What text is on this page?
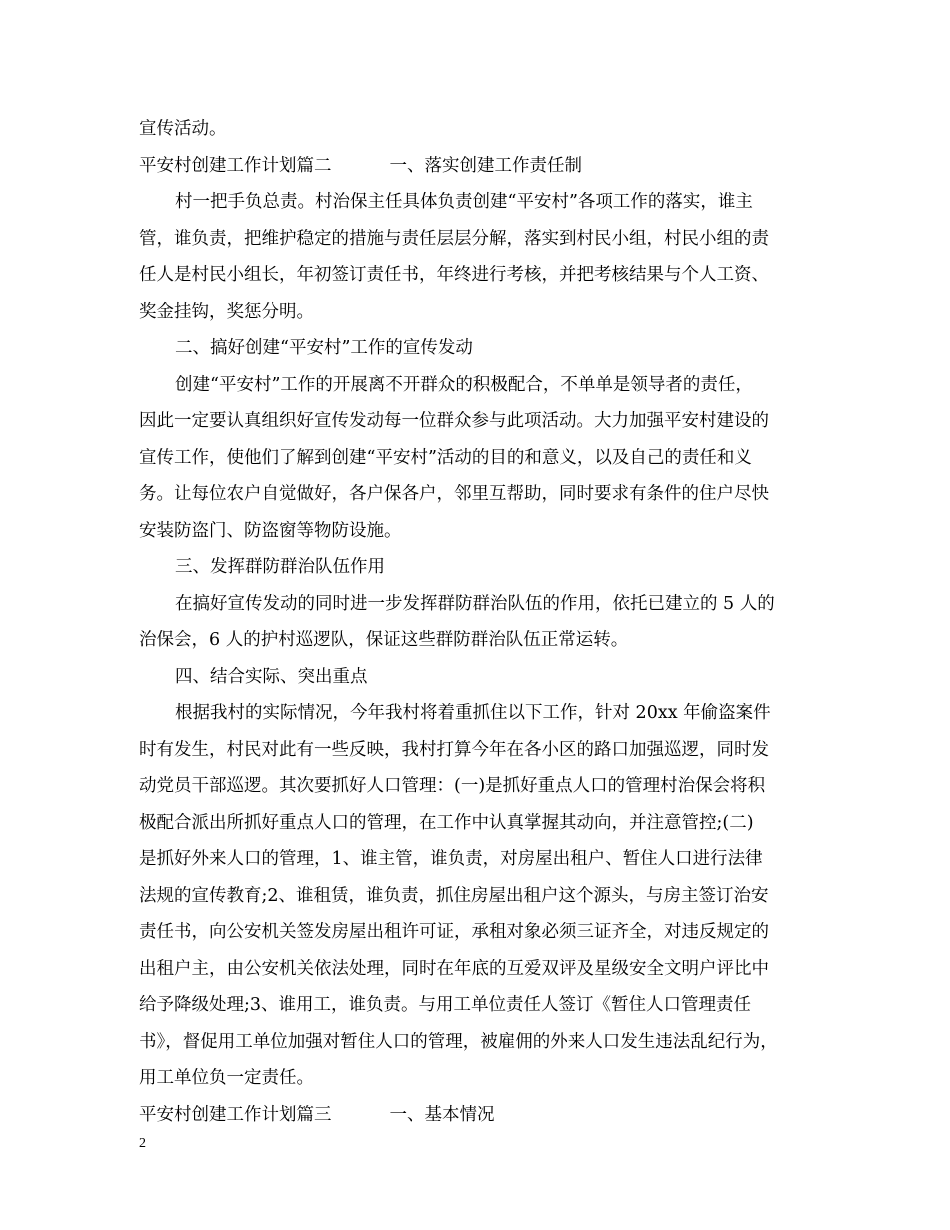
宣传活动。
平安村创建工作计划篇二	一、落实创建工作责任制
村一把手负总责。村治保主任具体负责创建“平安村”各项工作的落实，谁主
管，谁负责，把维护稳定的措施与责任层层分解，落实到村民小组，村民小组的责
任人是村民小组长，年初签订责任书，年终进行考核，并把考核结果与个人工资、
奖金挂钩，奖惩分明。
二、搞好创建“平安村”工作的宣传发动
创建“平安村”工作的开展离不开群众的积极配合，不单单是领导者的责任，
因此一定要认真组织好宣传发动每一位群众参与此项活动。大力加强平安村建设的
宣传工作，使他们了解到创建“平安村”活动的目的和意义，以及自己的责任和义
务。让每位农户自觉做好，各户保各户，邻里互帮助，同时要求有条件的住户尽快
安装防盗门、防盗窗等物防设施。
三、发挥群防群治队伍作用
在搞好宣传发动的同时进一步发挥群防群治队伍的作用，依托已建立的 5 人的
治保会，6 人的护村巡逻队，保证这些群防群治队伍正常运转。
四、结合实际、突出重点
根据我村的实际情况，今年我村将着重抓住以下工作，针对 20xx 年偷盗案件
时有发生，村民对此有一些反映，我村打算今年在各小区的路口加强巡逻，同时发
动党员干部巡逻。其次要抓好人口管理：(一)是抓好重点人口的管理村治保会将积
极配合派出所抓好重点人口的管理，在工作中认真掌握其动向，并注意管控;(二)
是抓好外来人口的管理，1、谁主管，谁负责，对房屋出租户、暂住人口进行法律
法规的宣传教育;2、谁租赁，谁负责，抓住房屋出租户这个源头，与房主签订治安
责任书，向公安机关签发房屋出租许可证，承租对象必须三证齐全，对违反规定的
出租户主，由公安机关依法处理，同时在年底的互爱双评及星级安全文明户评比中
给予降级处理;3、谁用工，谁负责。与用工单位责任人签订《暂住人口管理责任
书》，督促用工单位加强对暂住人口的管理，被雇佣的外来人口发生违法乱纪行为，
用工单位负一定责任。
平安村创建工作计划篇三	一、基本情况
2
